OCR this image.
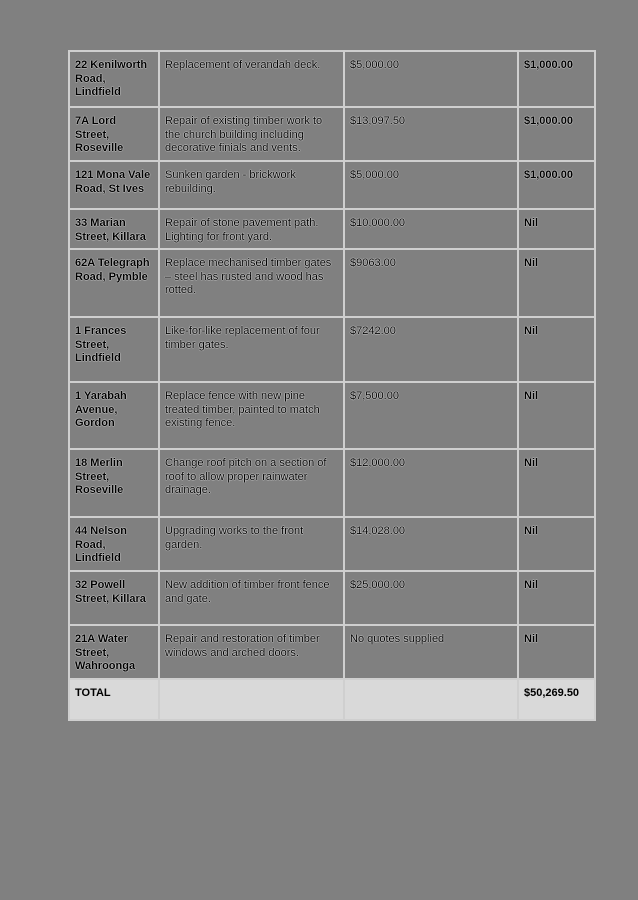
22 Kenilworth Road, Lindfield	Replacement of verandah deck.	$5,000.00	$1,000.00
7A Lord Street, Roseville	Repair of existing timber work to the church building including decorative finials and vents.	$13,097.50	$1,000.00
121 Mona Vale Road, St Ives	Sunken garden - brickwork rebuilding.	$5,000.00	$1,000.00
33 Marian Street, Killara	Repair of stone pavement path. Lighting for front yard.	$10,000.00	Nil
62A Telegraph Road, Pymble	Replace mechanised timber gates – steel has rusted and wood has rotted.	$9063.00	Nil
1 Frances Street, Lindfield	Like-for-like replacement of four timber gates.	$7242.00	Nil
1 Yarabah Avenue, Gordon	Replace fence with new pine treated timber, painted to match existing fence.	$7,500.00	Nil
18 Merlin Street, Roseville	Change roof pitch on a section of roof to allow proper rainwater drainage.	$12,000.00	Nil
44 Nelson Road, Lindfield	Upgrading works to the front garden.	$14,028.00	Nil
32 Powell Street, Killara	New addition of timber front fence and gate.	$25,000.00	Nil
21A Water Street, Wahroonga	Repair and restoration of timber windows and arched doors.	No quotes supplied	Nil
TOTAL			$50,269.50
